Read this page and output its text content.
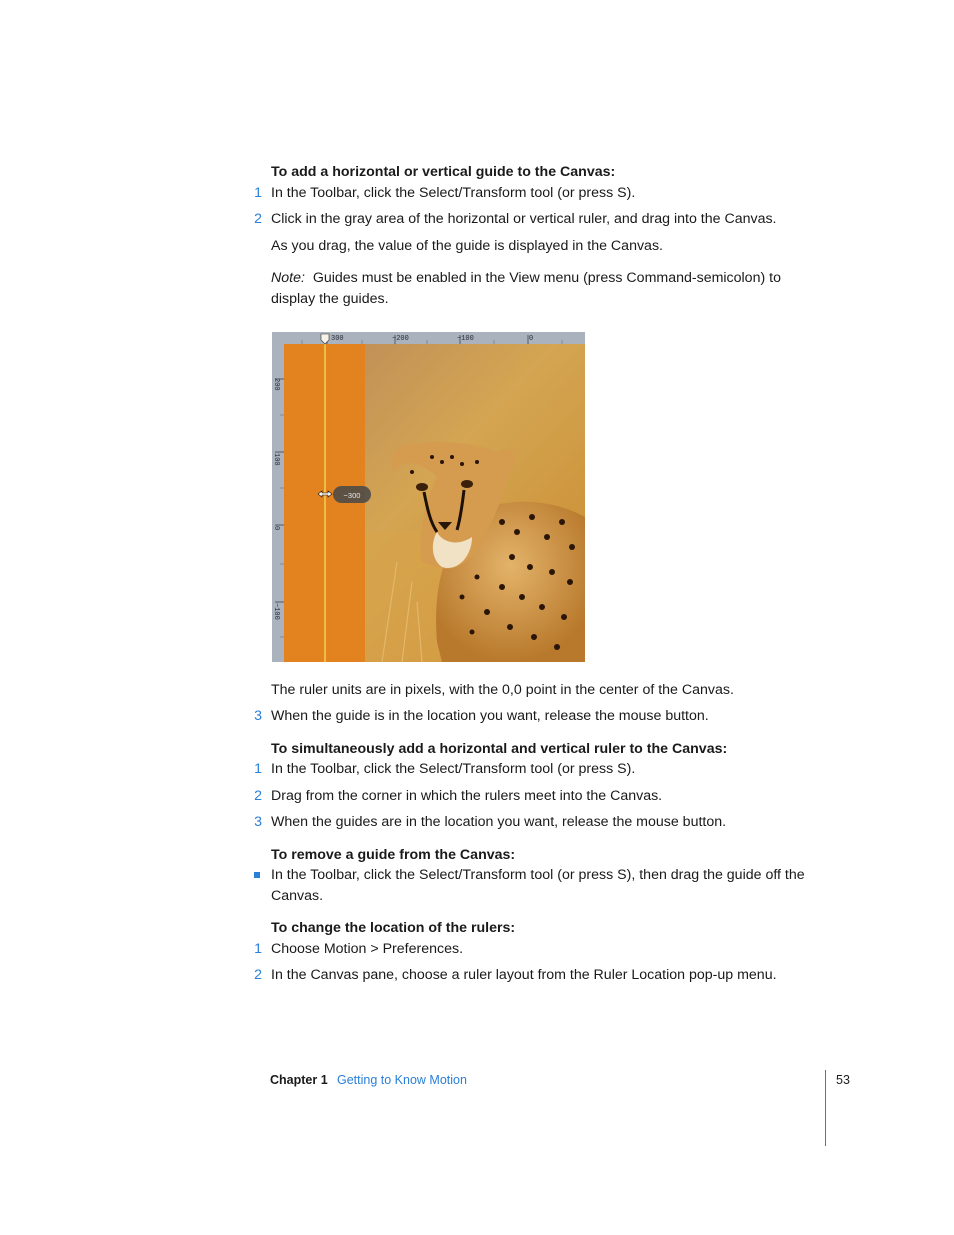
To add a horizontal or vertical guide to the Canvas:
1 In the Toolbar, click the Select/Transform tool (or press S).
2 Click in the gray area of the horizontal or vertical ruler, and drag into the Canvas.
As you drag, the value of the guide is displayed in the Canvas.
Note: Guides must be enabled in the View menu (press Command-semicolon) to display the guides.
300	−200	−100	0
200
100
0
−100
−300
The ruler units are in pixels, with the 0,0 point in the center of the Canvas.
3 When the guide is in the location you want, release the mouse button.
To simultaneously add a horizontal and vertical ruler to the Canvas:
1 In the Toolbar, click the Select/Transform tool (or press S).
2 Drag from the corner in which the rulers meet into the Canvas.
3 When the guides are in the location you want, release the mouse button.
To remove a guide from the Canvas:
In the Toolbar, click the Select/Transform tool (or press S), then drag the guide off the Canvas.
To change the location of the rulers:
1 Choose Motion > Preferences.
2 In the Canvas pane, choose a ruler layout from the Ruler Location pop-up menu.
Chapter 1 Getting to Know Motion	53
